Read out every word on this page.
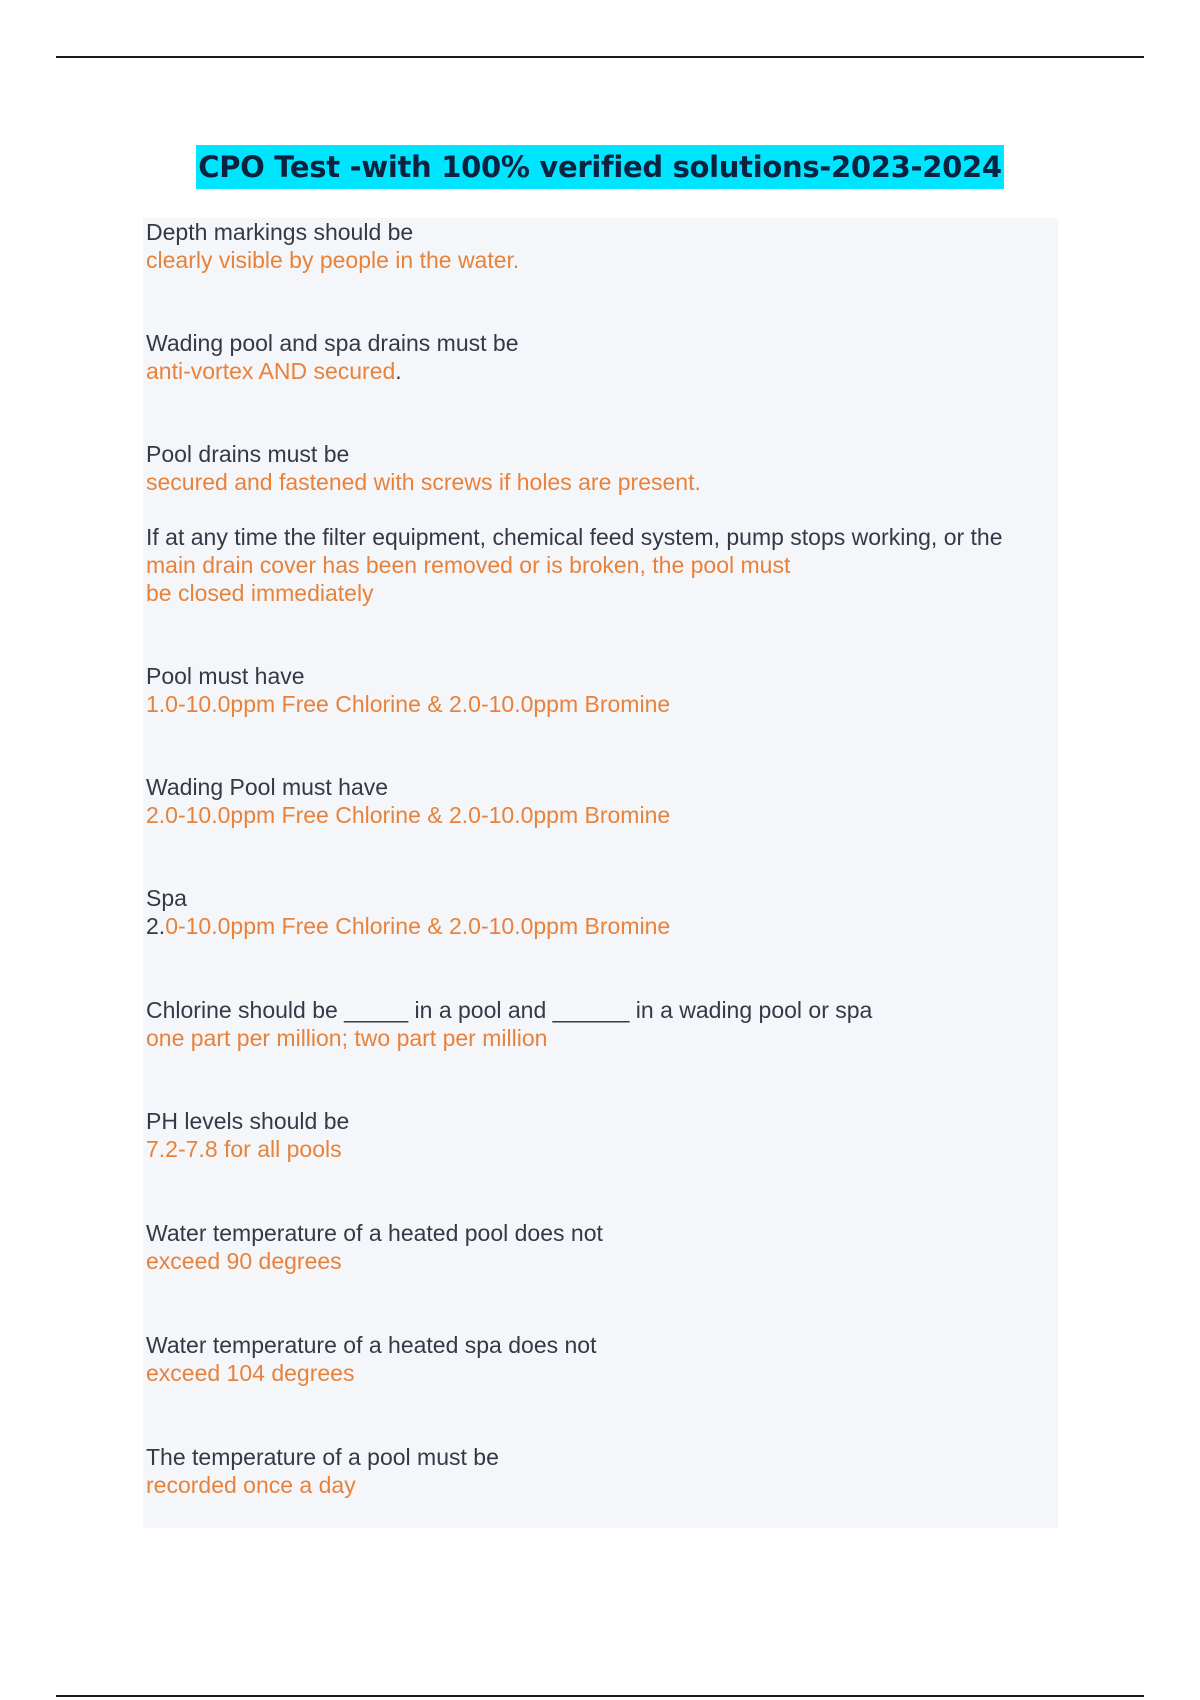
CPO Test -with 100% verified solutions-2023-2024
Depth markings should be
clearly visible by people in the water.
Wading pool and spa drains must be
anti-vortex AND secured.
Pool drains must be
secured and fastened with screws if holes are present.
If at any time the filter equipment, chemical feed system, pump stops working, or the
main drain cover has been removed or is broken, the pool must
be closed immediately
Pool must have
1.0-10.0ppm Free Chlorine & 2.0-10.0ppm Bromine
Wading Pool must have
2.0-10.0ppm Free Chlorine & 2.0-10.0ppm Bromine
Spa
2.0-10.0ppm Free Chlorine & 2.0-10.0ppm Bromine
Chlorine should be _____ in a pool and ______ in a wading pool or spa
one part per million; two part per million
PH levels should be
7.2-7.8 for all pools
Water temperature of a heated pool does not
exceed 90 degrees
Water temperature of a heated spa does not
exceed 104 degrees
The temperature of a pool must be
recorded once a day
